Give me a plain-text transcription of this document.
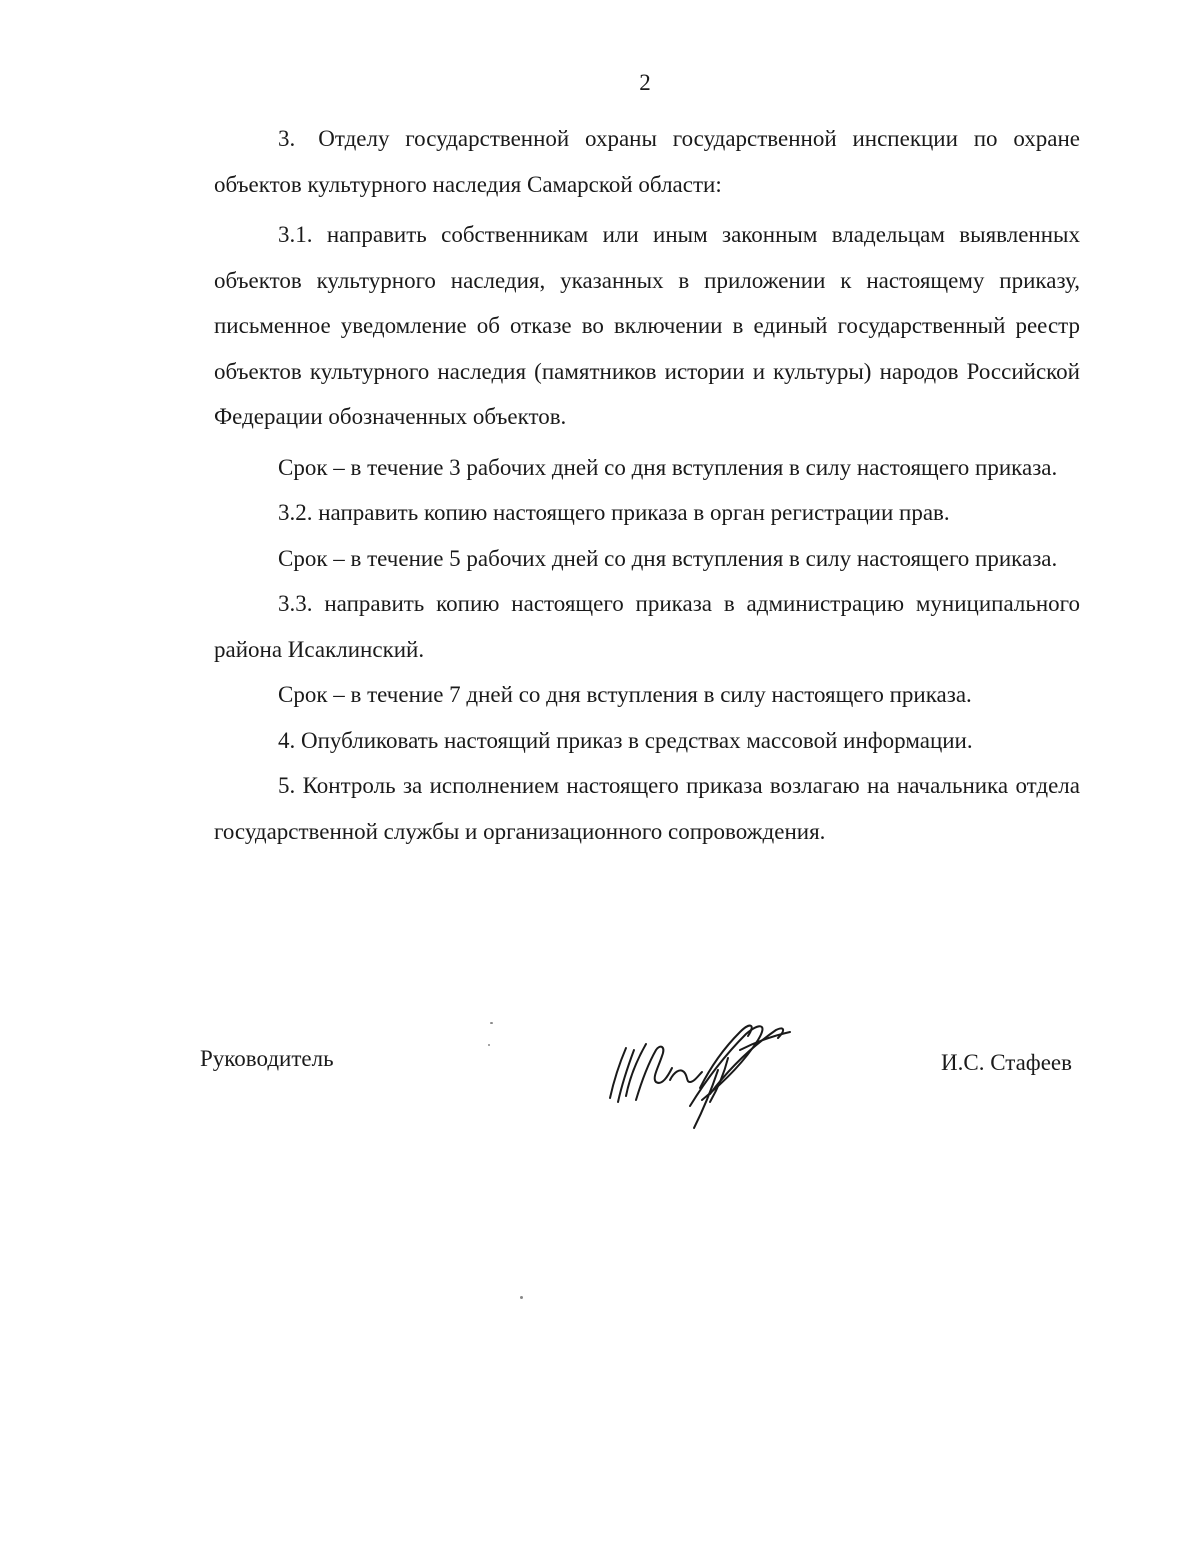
2

3. Отделу государственной охраны государственной инспекции по охране объектов культурного наследия Самарской области:

3.1. направить собственникам или иным законным владельцам выявленных объектов культурного наследия, указанных в приложении к настоящему приказу, письменное уведомление об отказе во включении в единый государственный реестр объектов культурного наследия (памятников истории и культуры) народов Российской Федерации обозначенных объектов.

Срок – в течение 3 рабочих дней со дня вступления в силу настоящего приказа.

3.2. направить копию настоящего приказа в орган регистрации прав.

Срок – в течение 5 рабочих дней со дня вступления в силу настоящего приказа.

3.3. направить копию настоящего приказа в администрацию муниципального района Исаклинский.

Срок – в течение 7 дней со дня вступления в силу настоящего приказа.

4. Опубликовать настоящий приказ в средствах массовой информации.

5. Контроль за исполнением настоящего приказа возлагаю на начальника отдела государственной службы и организационного сопровождения.

Руководитель	И.С. Стафеев
